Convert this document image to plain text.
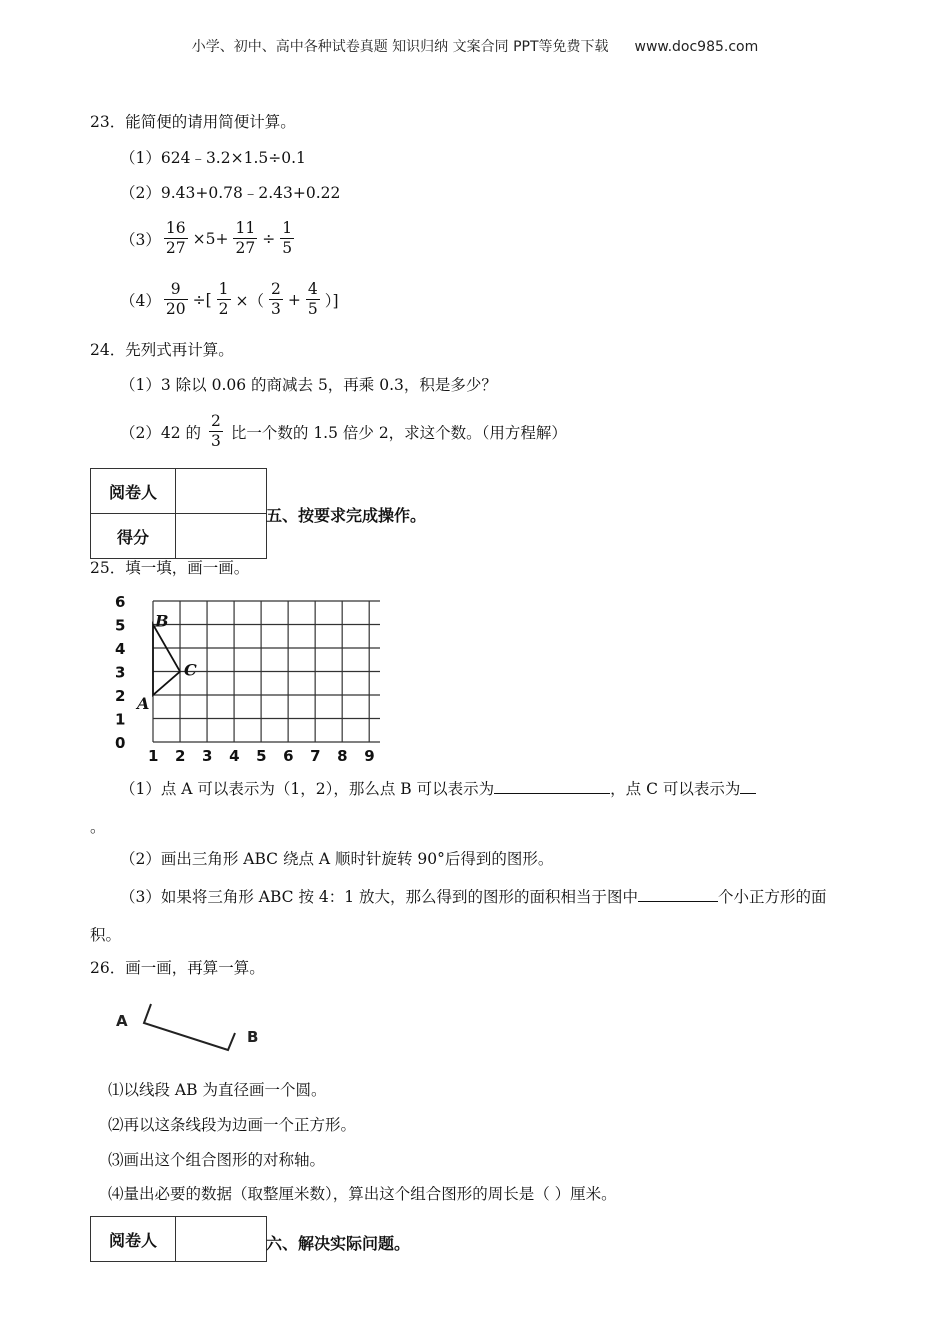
小学、初中、高中各种试卷真题 知识归纳 文案合同 PPT等免费下载 www.doc985.com
23．能简便的请用简便计算。
（1）624﹣3.2×1.5÷0.1
（2）9.43+0.78﹣2.43+0.22
$(3) \frac{16}{27} \times 5+ \frac{11}{27} \div \frac{1}{5}$
$(4) \frac{9}{20}$ ÷[ $\frac{1}{2}$ ×（ $\frac{2}{3} + \frac{4}{5}$ ）]
24．先列式再计算。
（1）3 除以 0.06 的商减去 5，再乘 0.3，积是多少？
（2）42 的 $\frac{2}{3}$ 比一个数的 1.5 倍少 2，求这个数。（用方程解）
阅卷人	
得分	
五、按要求完成操作。
25．填一填，画一画。
0
1
2
3
4
5
6
1 2 3 4 5 6 7 8 9
A
B
C
（1）点 A 可以表示为（1，2），那么点 B 可以表示为	，点 C 可以表示为
。
（2）画出三角形 ABC 绕点 A 顺时针旋转 90°后得到的图形。
（3）如果将三角形 ABC 按 4：1 放大，那么得到的图形的面积相当于图中	个小正方形的面
积。
26．画一画，再算一算。
A
B
⑴以线段 AB 为直径画一个圆。
⑵再以这条线段为边画一个正方形。
⑶画出这个组合图形的对称轴。
⑷量出必要的数据（取整厘米数），算出这个组合图形的周长是（ ）厘米。
阅卷人		六、解决实际问题。
